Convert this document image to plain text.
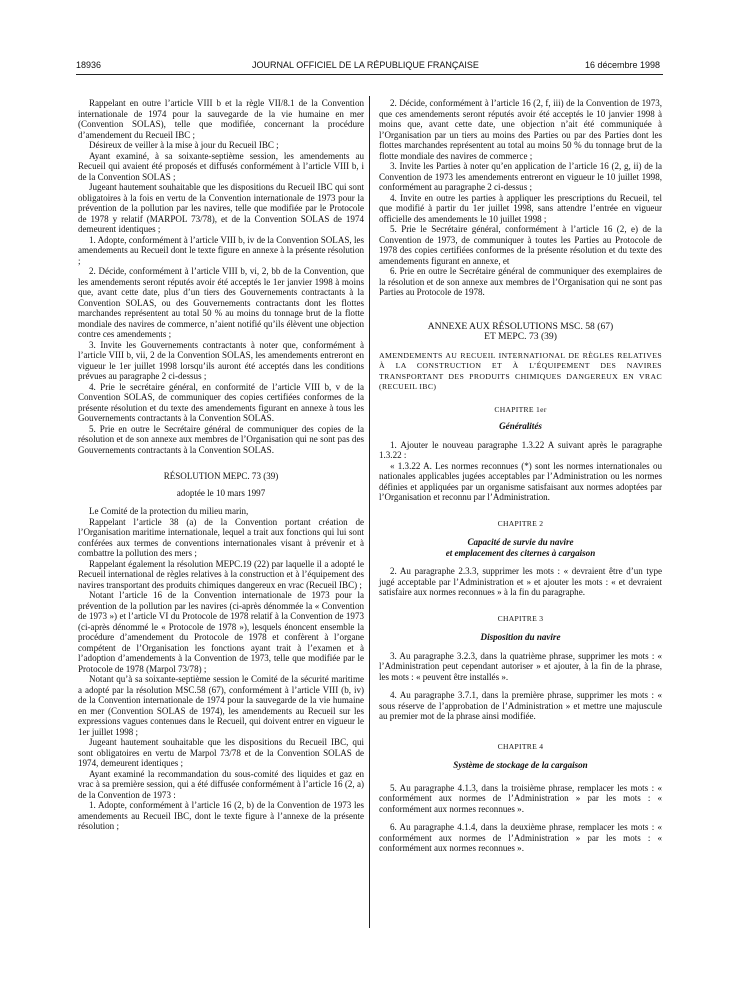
18936	JOURNAL OFFICIEL DE LA RÉPUBLIQUE FRANÇAISE	16 décembre 1998

Rappelant en outre l’article VIII b et la règle VII/8.1 de la Convention internationale de 1974 pour la sauvegarde de la vie humaine en mer (Convention SOLAS), telle que modifiée, concernant la procédure d’amendement du Recueil IBC ;

Désireux de veiller à la mise à jour du Recueil IBC ;

Ayant examiné, à sa soixante-septième session, les amendements au Recueil qui avaient été proposés et diffusés conformément à l’article VIII b, i de la Convention SOLAS ;

Jugeant hautement souhaitable que les dispositions du Recueil IBC qui sont obligatoires à la fois en vertu de la Convention internationale de 1973 pour la prévention de la pollution par les navires, telle que modifiée par le Protocole de 1978 y relatif (MARPOL 73/78), et de la Convention SOLAS de 1974 demeurent identiques ;

1. Adopte, conformément à l’article VIII b, iv de la Convention SOLAS, les amendements au Recueil dont le texte figure en annexe à la présente résolution ;

2. Décide, conformément à l’article VIII b, vi, 2, bb de la Convention, que les amendements seront réputés avoir été acceptés le 1er janvier 1998 à moins que, avant cette date, plus d’un tiers des Gouvernements contractants à la Convention SOLAS, ou des Gouvernements contractants dont les flottes marchandes représentent au total 50 % au moins du tonnage brut de la flotte mondiale des navires de commerce, n’aient notifié qu’ils élèvent une objection contre ces amendements ;

3. Invite les Gouvernements contractants à noter que, conformément à l’article VIII b, vii, 2 de la Convention SOLAS, les amendements entreront en vigueur le 1er juillet 1998 lorsqu’ils auront été acceptés dans les conditions prévues au paragraphe 2 ci-dessus ;

4. Prie le secrétaire général, en conformité de l’article VIII b, v de la Convention SOLAS, de communiquer des copies certifiées conformes de la présente résolution et du texte des amendements figurant en annexe à tous les Gouvernements contractants à la Convention SOLAS.

5. Prie en outre le Secrétaire général de communiquer des copies de la résolution et de son annexe aux membres de l’Organisation qui ne sont pas des Gouvernements contractants à la Convention SOLAS.

RÉSOLUTION MEPC. 73 (39)

adoptée le 10 mars 1997

Le Comité de la protection du milieu marin,

Rappelant l’article 38 (a) de la Convention portant création de l’Organisation maritime internationale, lequel a trait aux fonctions qui lui sont conférées aux termes de conventions internationales visant à prévenir et à combattre la pollution des mers ;

Rappelant également la résolution MEPC.19 (22) par laquelle il a adopté le Recueil international de règles relatives à la construction et à l’équipement des navires transportant des produits chimiques dangereux en vrac (Recueil IBC) ;

Notant l’article 16 de la Convention internationale de 1973 pour la prévention de la pollution par les navires (ci-après dénommée la « Convention de 1973 ») et l’article VI du Protocole de 1978 relatif à la Convention de 1973 (ci-après dénommé le « Protocole de 1978 »), lesquels énoncent ensemble la procédure d’amendement du Protocole de 1978 et confèrent à l’organe compétent de l’Organisation les fonctions ayant trait à l’examen et à l’adoption d’amendements à la Convention de 1973, telle que modifiée par le Protocole de 1978 (Marpol 73/78) ;

Notant qu’à sa soixante-septième session le Comité de la sécurité maritime a adopté par la résolution MSC.58 (67), conformément à l’article VIII (b, iv) de la Convention internationale de 1974 pour la sauvegarde de la vie humaine en mer (Convention SOLAS de 1974), les amendements au Recueil sur les expressions vagues contenues dans le Recueil, qui doivent entrer en vigueur le 1er juillet 1998 ;

Jugeant hautement souhaitable que les dispositions du Recueil IBC, qui sont obligatoires en vertu de Marpol 73/78 et de la Convention SOLAS de 1974, demeurent identiques ;

Ayant examiné la recommandation du sous-comité des liquides et gaz en vrac à sa première session, qui a été diffusée conformément à l’article 16 (2, a) de la Convention de 1973 :

1. Adopte, conformément à l’article 16 (2, b) de la Convention de 1973 les amendements au Recueil IBC, dont le texte figure à l’annexe de la présente résolution ;

2. Décide, conformément à l’article 16 (2, f, iii) de la Convention de 1973, que ces amendements seront réputés avoir été acceptés le 10 janvier 1998 à moins que, avant cette date, une objection n’ait été communiquée à l’Organisation par un tiers au moins des Parties ou par des Parties dont les flottes marchandes représentent au total au moins 50 % du tonnage brut de la flotte mondiale des navires de commerce ;

3. Invite les Parties à noter qu’en application de l’article 16 (2, g, ii) de la Convention de 1973 les amendements entreront en vigueur le 10 juillet 1998, conformément au paragraphe 2 ci-dessus ;

4. Invite en outre les parties à appliquer les prescriptions du Recueil, tel que modifié à partir du 1er juillet 1998, sans attendre l’entrée en vigueur officielle des amendements le 10 juillet 1998 ;

5. Prie le Secrétaire général, conformément à l’article 16 (2, e) de la Convention de 1973, de communiquer à toutes les Parties au Protocole de 1978 des copies certifiées conformes de la présente résolution et du texte des amendements figurant en annexe, et

6. Prie en outre le Secrétaire général de communiquer des exemplaires de la résolution et de son annexe aux membres de l’Organisation qui ne sont pas Parties au Protocole de 1978.

ANNEXE AUX RÉSOLUTIONS MSC. 58 (67)

ET MEPC. 73 (39)

AMENDEMENTS AU RECUEIL INTERNATIONAL DE RÈGLES RELATIVES À LA CONSTRUCTION ET À L’ÉQUIPEMENT DES NAVIRES TRANSPORTANT DES PRODUITS CHIMIQUES DANGEREUX EN VRAC (RECUEIL IBC)

CHAPITRE 1er

Généralités

1. Ajouter le nouveau paragraphe 1.3.22 A suivant après le paragraphe 1.3.22 :

« 1.3.22 A. Les normes reconnues (*) sont les normes internationales ou nationales applicables jugées acceptables par l’Administration ou les normes définies et appliquées par un organisme satisfaisant aux normes adoptées par l’Organisation et reconnu par l’Administration.

CHAPITRE 2

Capacité de survie du navire

et emplacement des citernes à cargaison

2. Au paragraphe 2.3.3, supprimer les mots : « devraient être d’un type jugé acceptable par l’Administration et » et ajouter les mots : « et devraient satisfaire aux normes reconnues » à la fin du paragraphe.

CHAPITRE 3

Disposition du navire

3. Au paragraphe 3.2.3, dans la quatrième phrase, supprimer les mots : « l’Administration peut cependant autoriser » et ajouter, à la fin de la phrase, les mots : « peuvent être installés ».

4. Au paragraphe 3.7.1, dans la première phrase, supprimer les mots : « sous réserve de l’approbation de l’Administration » et mettre une majuscule au premier mot de la phrase ainsi modifiée.

CHAPITRE 4

Système de stockage de la cargaison

5. Au paragraphe 4.1.3, dans la troisième phrase, remplacer les mots : « conformément aux normes de l’Administration » par les mots : « conformément aux normes reconnues ».

6. Au paragraphe 4.1.4, dans la deuxième phrase, remplacer les mots : « conformément aux normes de l’Administration » par les mots : « conformément aux normes reconnues ».
